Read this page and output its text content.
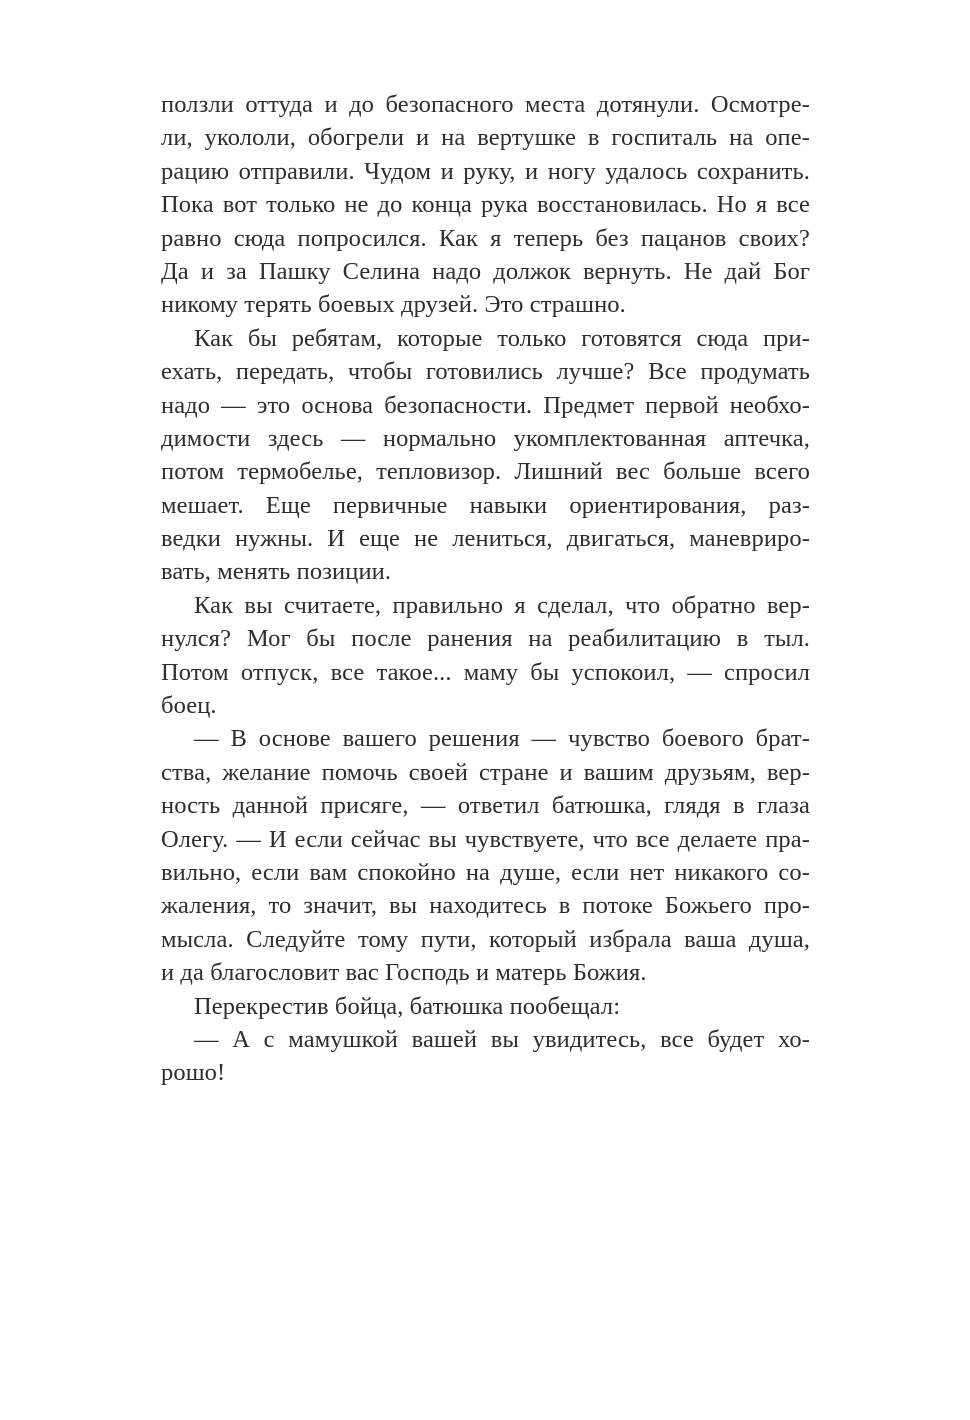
ползли оттуда и до безопасного места дотянули. Осмотре-
ли, укололи, обогрели и на вертушке в госпиталь на опе-
рацию отправили. Чудом и руку, и ногу удалось сохранить.
Пока вот только не до конца рука восстановилась. Но я все
равно сюда попросился. Как я теперь без пацанов своих?
Да и за Пашку Селина надо должок вернуть. Не дай Бог
никому терять боевых друзей. Это страшно.
Как бы ребятам, которые только готовятся сюда при-
ехать, передать, чтобы готовились лучше? Все продумать
надо — это основа безопасности. Предмет первой необхо-
димости здесь — нормально укомплектованная аптечка,
потом термобелье, тепловизор. Лишний вес больше всего
мешает. Еще первичные навыки ориентирования, раз-
ведки нужны. И еще не лениться, двигаться, маневриро-
вать, менять позиции.
Как вы считаете, правильно я сделал, что обратно вер-
нулся? Мог бы после ранения на реабилитацию в тыл.
Потом отпуск, все такое... маму бы успокоил, — спросил
боец.
— В основе вашего решения — чувство боевого брат-
ства, желание помочь своей стране и вашим друзьям, вер-
ность данной присяге, — ответил батюшка, глядя в глаза
Олегу. — И если сейчас вы чувствуете, что все делаете пра-
вильно, если вам спокойно на душе, если нет никакого со-
жаления, то значит, вы находитесь в потоке Божьего про-
мысла. Следуйте тому пути, который избрала ваша душа,
и да благословит вас Господь и матерь Божия.
Перекрестив бойца, батюшка пообещал:
— А с мамушкой вашей вы увидитесь, все будет хо-
рошо!
